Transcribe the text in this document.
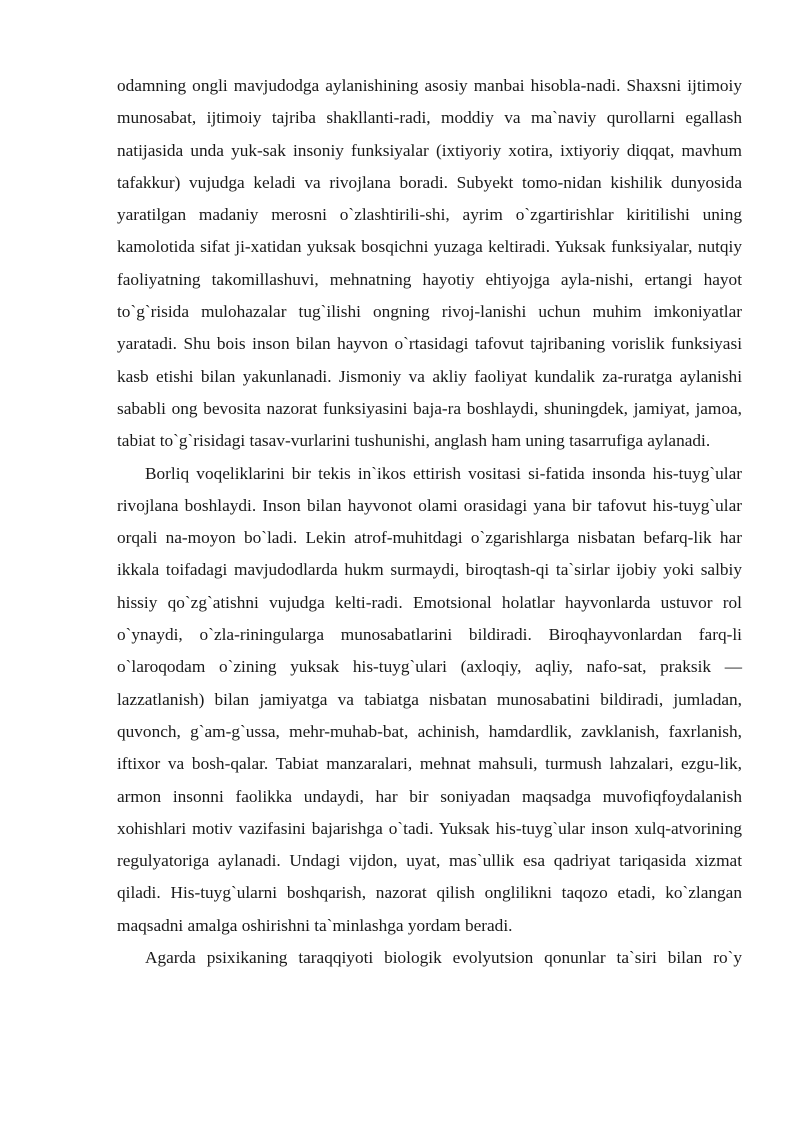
odamning ongli mavjudodga aylanishining asosiy manbai hisobla-nadi. Shaxsni ijtimoiy munosabat, ijtimoiy tajriba shakllanti-radi, moddiy va ma`naviy qurollarni egallash natijasida unda yuk-sak insoniy funksiyalar (ixtiyoriy xotira, ixtiyoriy diqqat, mavhum tafakkur) vujudga keladi va rivojlana boradi. Subyekt tomo-nidan kishilik dunyosida yaratilgan madaniy merosni o`zlashtirili-shi, ayrim o`zgartirishlar kiritilishi uning kamolotida sifat ji-xatidan yuksak bosqichni yuzaga keltiradi. Yuksak funksiyalar, nutqiy faoliyatning takomillashuvi, mehnatning hayotiy ehtiyojga ayla-nishi, ertangi hayot to`g`risida mulohazalar tug`ilishi ongning rivoj-lanishi uchun muhim imkoniyatlar yaratadi. Shu bois inson bilan hayvon o`rtasidagi tafovut tajribaning vorislik funksiyasi kasb etishi bilan yakunlanadi. Jismoniy va akliy faoliyat kundalik za-ruratga aylanishi sababli ong bevosita nazorat funksiyasini baja-ra boshlaydi, shuningdek, jamiyat, jamoa, tabiat to`g`risidagi tasav-vurlarini tushunishi, anglash ham uning tasarrufiga aylanadi.

Borliq voqeliklarini bir tekis in`ikos ettirish vositasi si-fatida insonda his-tuyg`ular rivojlana boshlaydi. Inson bilan hayvonot olami orasidagi yana bir tafovut his-tuyg`ular orqali na-moyon bo`ladi. Lekin atrof-muhitdagi o`zgarishlarga nisbatan befarq-lik har ikkala toifadagi mavjudodlarda hukm surmaydi, biroqtash-qi ta`sirlar ijobiy yoki salbiy hissiy qo`zg`atishni vujudga kelti-radi. Emotsional holatlar hayvonlarda ustuvor rol o`ynaydi, o`zla-riningularga munosabatlarini bildiradi. Biroqhayvonlardan farq-li o`laroqodam o`zining yuksak his-tuyg`ulari (axloqiy, aqliy, nafo-sat, praksik — lazzatlanish) bilan jamiyatga va tabiatga nisbatan munosabatini bildiradi, jumladan, quvonch, g`am-g`ussa, mehr-muhab-bat, achinish, hamdardlik, zavklanish, faxrlanish, iftixor va bosh-qalar. Tabiat manzaralari, mehnat mahsuli, turmush lahzalari, ezgu-lik, armon insonni faolikka undaydi, har bir soniyadan maqsadga muvofiqfoydalanish xohishlari motiv vazifasini bajarishga o`tadi. Yuksak his-tuyg`ular inson xulq-atvorining regulyatoriga aylanadi. Undagi vijdon, uyat, mas`ullik esa qadriyat tariqasida xizmat qiladi. His-tuyg`ularni boshqarish, nazorat qilish onglilikni taqozo etadi, ko`zlangan maqsadni amalga oshirishni ta`minlashga yordam beradi.

Agarda psixikaning taraqqiyoti biologik evolyutsion qonunlar ta`siri bilan ro`y
